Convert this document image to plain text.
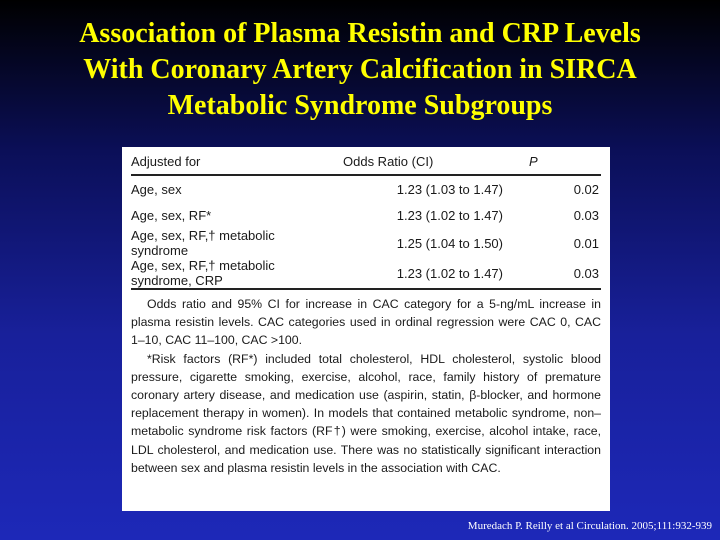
Association of Plasma Resistin and CRP Levels
With Coronary Artery Calcification in SIRCA
Metabolic Syndrome Subgroups
Adjusted for	Odds Ratio (CI)	P
Age, sex	1.23 (1.03 to 1.47)	0.02
Age, sex, RF*	1.23 (1.02 to 1.47)	0.03
Age, sex, RF,† metabolic syndrome	1.25 (1.04 to 1.50)	0.01
Age, sex, RF,† metabolic syndrome, CRP	1.23 (1.02 to 1.47)	0.03

Odds ratio and 95% CI for increase in CAC category for a 5-ng/mL increase in plasma resistin levels. CAC categories used in ordinal regression were CAC 0, CAC 1–10, CAC 11–100, CAC >100.

*Risk factors (RF*) included total cholesterol, HDL cholesterol, systolic blood pressure, cigarette smoking, exercise, alcohol, race, family history of premature coronary artery disease, and medication use (aspirin, statin, β-blocker, and hormone replacement therapy in women). In models that contained metabolic syndrome, non–metabolic syndrome risk factors (RF†) were smoking, exercise, alcohol intake, race, LDL cholesterol, and medication use. There was no statistically significant interaction between sex and plasma resistin levels in the association with CAC.

Muredach P. Reilly et al Circulation. 2005;111:932-939
